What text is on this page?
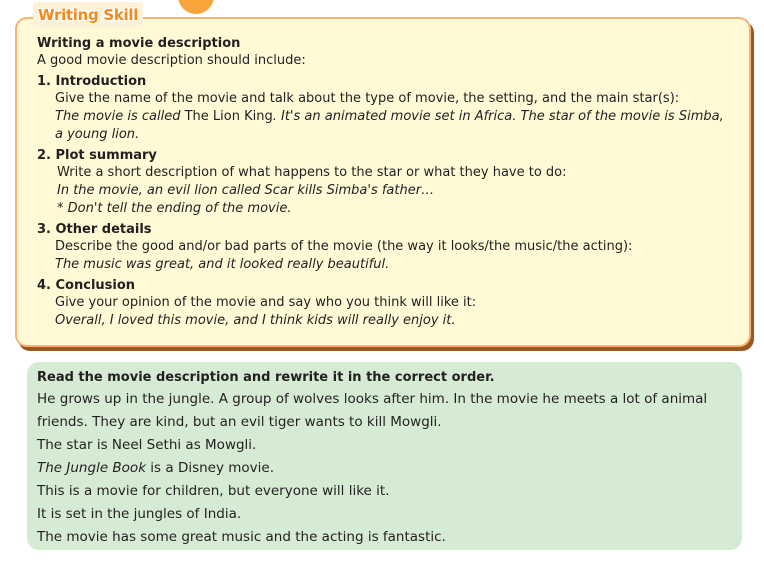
Writing Skill
Writing a movie description
A good movie description should include:
1. Introduction
Give the name of the movie and talk about the type of movie, the setting, and the main star(s):
The movie is called The Lion King. It's an animated movie set in Africa. The star of the movie is Simba,
a young lion.
2. Plot summary
Write a short description of what happens to the star or what they have to do:
In the movie, an evil lion called Scar kills Simba's father…
* Don't tell the ending of the movie.
3. Other details
Describe the good and/or bad parts of the movie (the way it looks/the music/the acting):
The music was great, and it looked really beautiful.
4. Conclusion
Give your opinion of the movie and say who you think will like it:
Overall, I loved this movie, and I think kids will really enjoy it.
Read the movie description and rewrite it in the correct order.
He grows up in the jungle. A group of wolves looks after him. In the movie he meets a lot of animal
friends. They are kind, but an evil tiger wants to kill Mowgli.
The star is Neel Sethi as Mowgli.
The Jungle Book is a Disney movie.
This is a movie for children, but everyone will like it.
It is set in the jungles of India.
The movie has some great music and the acting is fantastic.
